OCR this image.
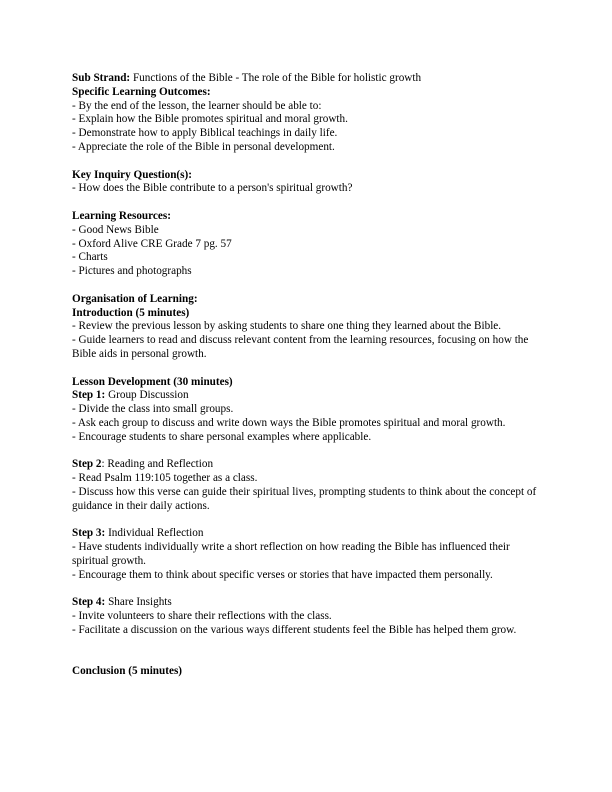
Sub Strand: Functions of the Bible - The role of the Bible for holistic growth
Specific Learning Outcomes:
- By the end of the lesson, the learner should be able to:
- Explain how the Bible promotes spiritual and moral growth.
- Demonstrate how to apply Biblical teachings in daily life.
- Appreciate the role of the Bible in personal development.
Key Inquiry Question(s):
- How does the Bible contribute to a person's spiritual growth?
Learning Resources:
- Good News Bible
- Oxford Alive CRE Grade 7 pg. 57
- Charts
- Pictures and photographs
Organisation of Learning:
Introduction (5 minutes)
- Review the previous lesson by asking students to share one thing they learned about the Bible.
- Guide learners to read and discuss relevant content from the learning resources, focusing on how the Bible aids in personal growth.
Lesson Development (30 minutes)
Step 1: Group Discussion
- Divide the class into small groups.
- Ask each group to discuss and write down ways the Bible promotes spiritual and moral growth.
- Encourage students to share personal examples where applicable.
Step 2: Reading and Reflection
- Read Psalm 119:105 together as a class.
- Discuss how this verse can guide their spiritual lives, prompting students to think about the concept of guidance in their daily actions.
Step 3: Individual Reflection
- Have students individually write a short reflection on how reading the Bible has influenced their spiritual growth.
- Encourage them to think about specific verses or stories that have impacted them personally.
Step 4: Share Insights
- Invite volunteers to share their reflections with the class.
- Facilitate a discussion on the various ways different students feel the Bible has helped them grow.
Conclusion (5 minutes)
